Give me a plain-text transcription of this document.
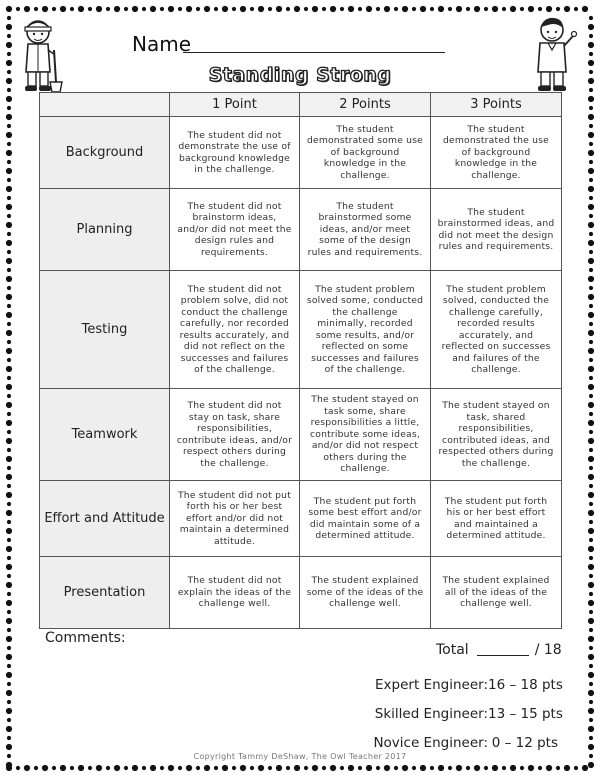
Name
Standing Strong
	1 Point	2 Points	3 Points
Background	The student did not demonstrate the use of background knowledge in the challenge.	The student demonstrated some use of background knowledge in the challenge.	The student demonstrated the use of background knowledge in the challenge.
Planning	The student did not brainstorm ideas, and/or did not meet the design rules and requirements.	The student brainstormed some ideas, and/or meet some of the design rules and requirements.	The student brainstormed ideas, and did not meet the design rules and requirements.
Testing	The student did not problem solve, did not conduct the challenge carefully, nor recorded results accurately, and did not reflect on the successes and failures of the challenge.	The student problem solved some, conducted the challenge minimally, recorded some results, and/or reflected on some successes and failures of the challenge.	The student problem solved, conducted the challenge carefully, recorded results accurately, and reflected on successes and failures of the challenge.
Teamwork	The student did not stay on task, share responsibilities, contribute ideas, and/or respect others during the challenge.	The student stayed on task some, share responsibilities a little, contribute some ideas, and/or did not respect others during the challenge.	The student stayed on task, shared responsibilities, contributed ideas, and respected others during the challenge.
Effort and Attitude	The student did not put forth his or her best effort and/or did not maintain a determined attitude.	The student put forth some best effort and/or did maintain some of a determined attitude.	The student put forth his or her best effort and maintained a determined attitude.
Presentation	The student did not explain the ideas of the challenge well.	The student explained some of the ideas of the challenge well.	The student explained all of the ideas of the challenge well.
Comments:
Total	/ 18
Expert Engineer:16 – 18 pts
Skilled Engineer:13 – 15 pts
Novice Engineer: 0 – 12 pts
Copyright Tammy DeShaw, The Owl Teacher 2017
